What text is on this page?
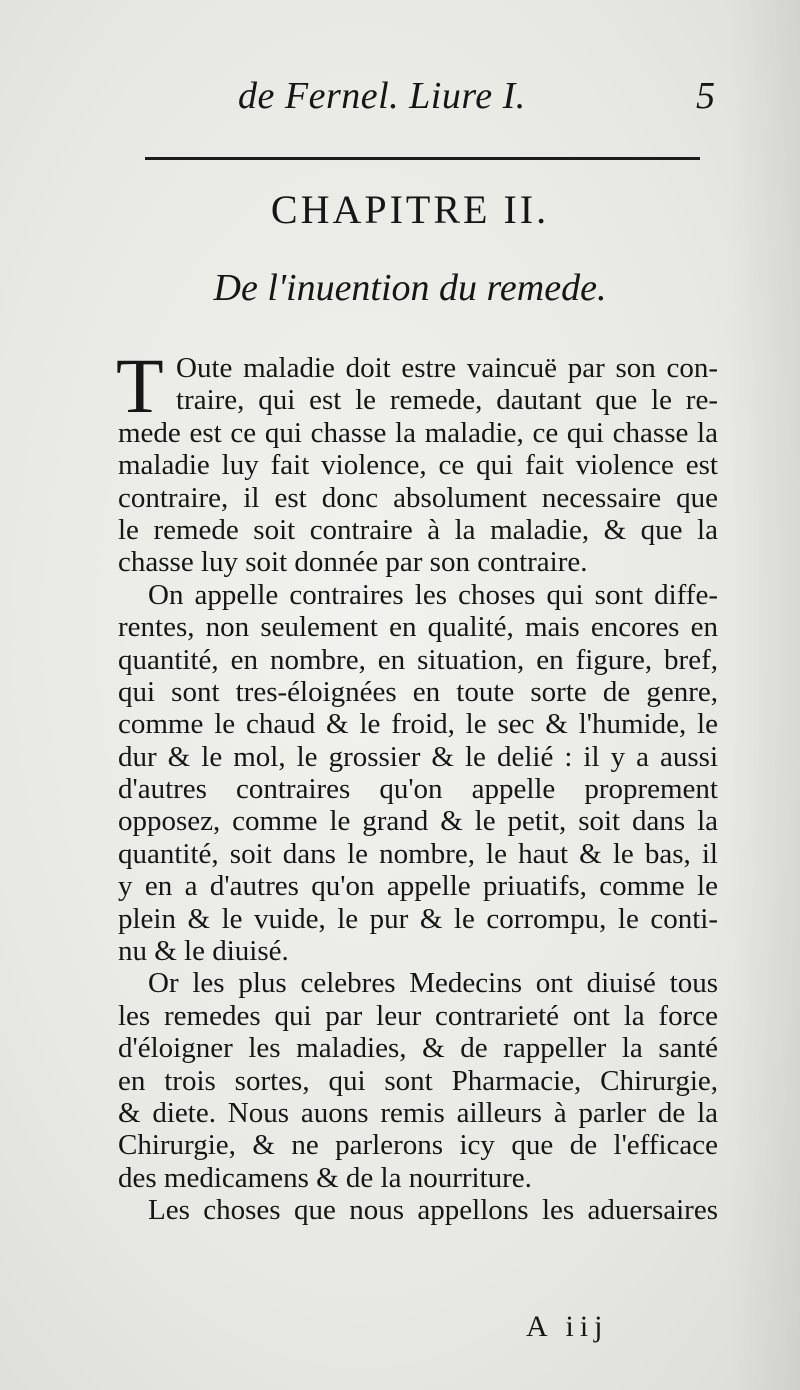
de Fernel. Liure I.	5
CHAPITRE II.
De l'inuention du remede.
T Oute maladie doit estre vaincuë par son con-
traire, qui est le remede, dautant que le re-
mede est ce qui chasse la maladie, ce qui chasse la
maladie luy fait violence, ce qui fait violence est
contraire, il est donc absolument necessaire que
le remede soit contraire à la maladie, & que la
chasse luy soit donnée par son contraire.
On appelle contraires les choses qui sont diffe-
rentes, non seulement en qualité, mais encores en
quantité, en nombre, en situation, en figure, bref,
qui sont tres-éloignées en toute sorte de genre,
comme le chaud & le froid, le sec & l'humide, le
dur & le mol, le grossier & le delié : il y a aussi
d'autres contraires qu'on appelle proprement
opposez, comme le grand & le petit, soit dans la
quantité, soit dans le nombre, le haut & le bas, il
y en a d'autres qu'on appelle priuatifs, comme le
plein & le vuide, le pur & le corrompu, le conti-
nu & le diuisé.
Or les plus celebres Medecins ont diuisé tous
les remedes qui par leur contrarieté ont la force
d'éloigner les maladies, & de rappeller la santé
en trois sortes, qui sont Pharmacie, Chirurgie,
& diete. Nous auons remis ailleurs à parler de la
Chirurgie, & ne parlerons icy que de l'efficace
des medicamens & de la nourriture.
Les choses que nous appellons les aduersaires
A iij
